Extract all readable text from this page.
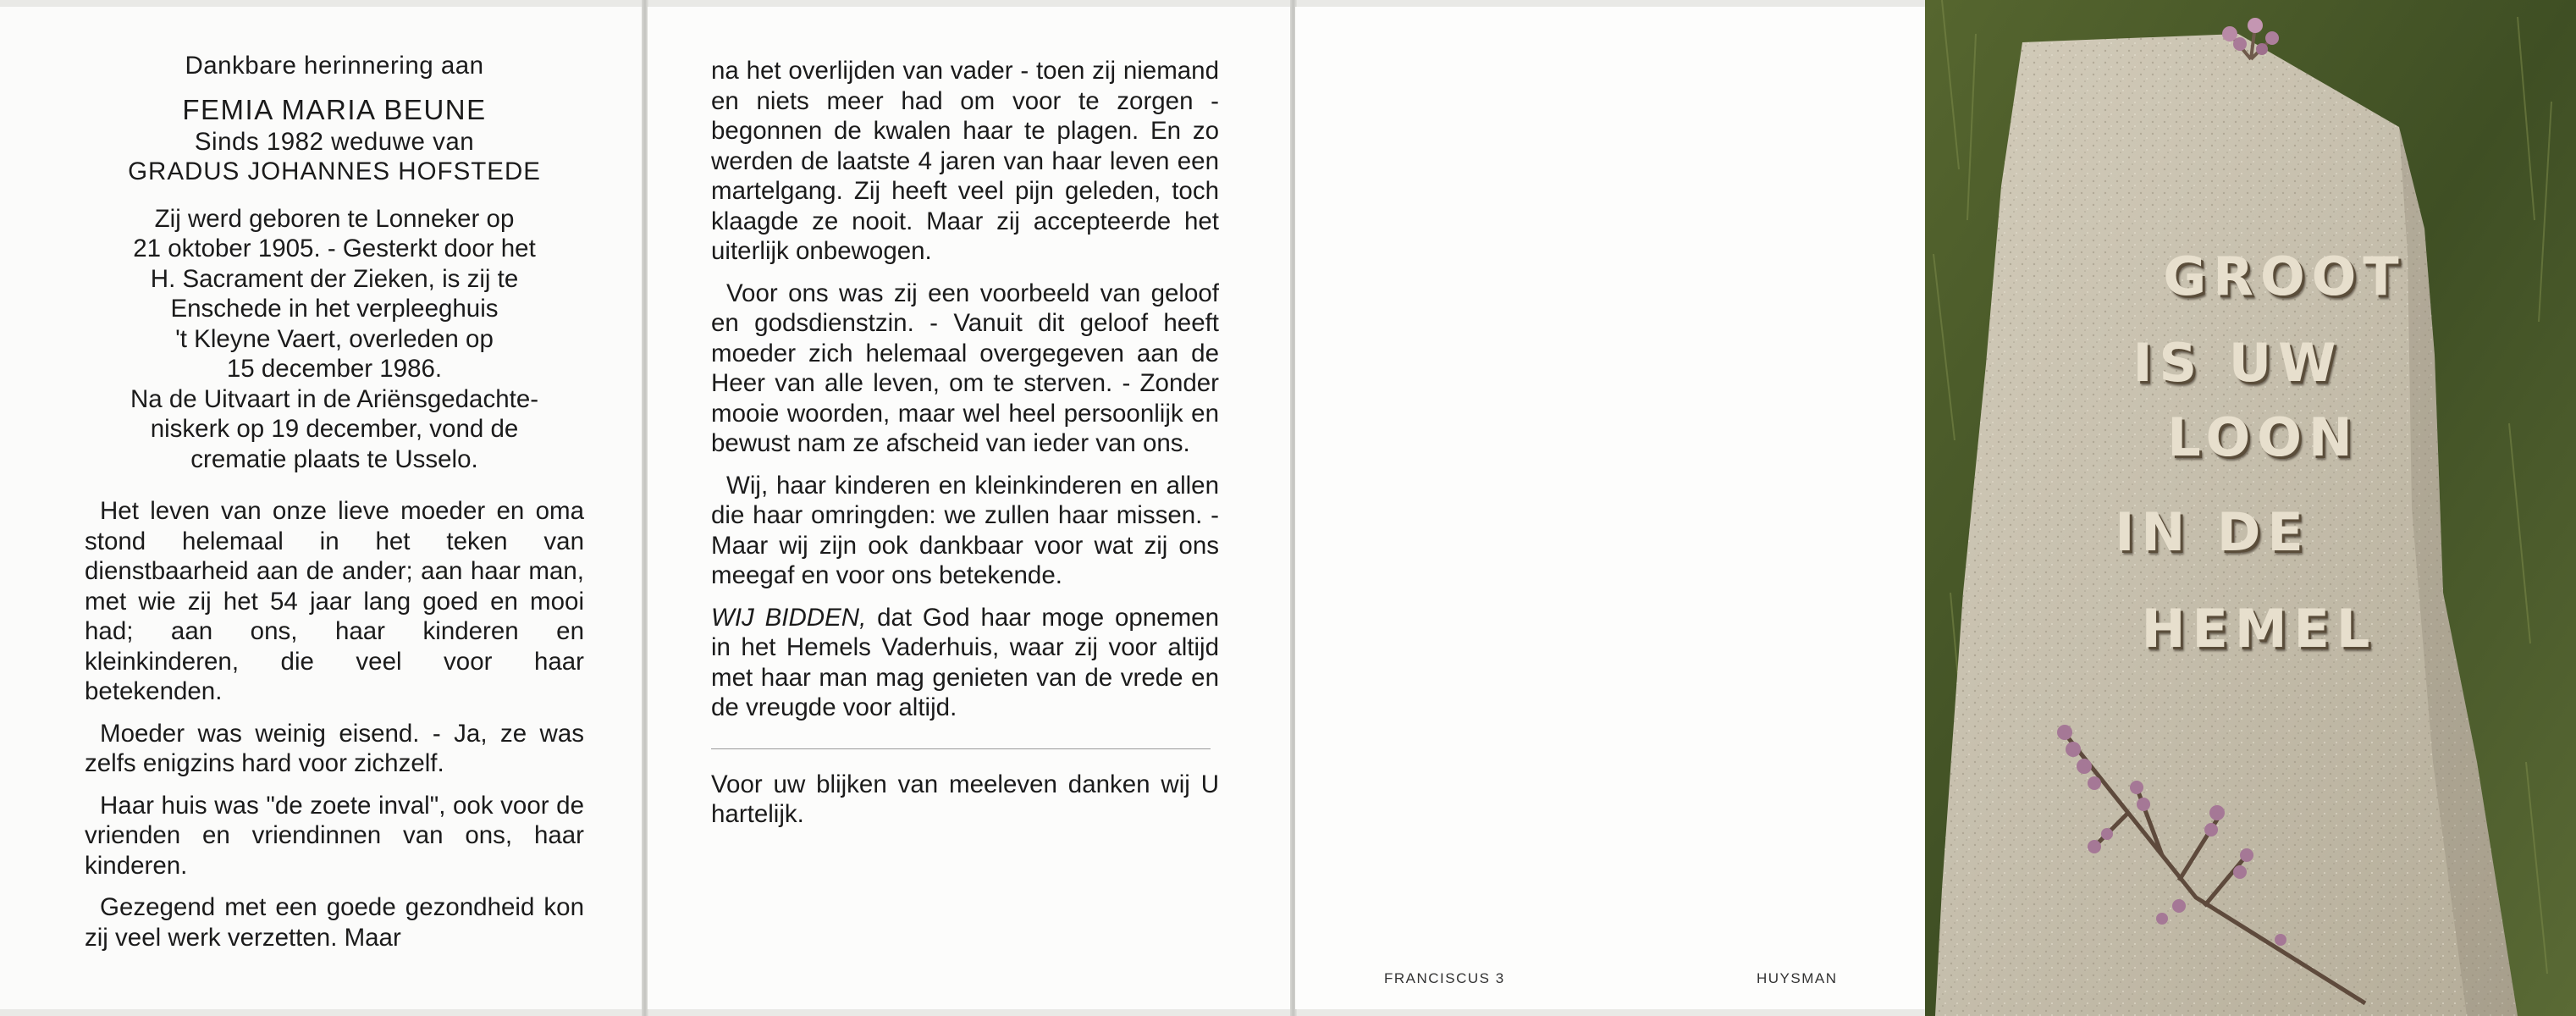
Dankbare herinnering aan
FEMIA MARIA BEUNE
Sinds 1982 weduwe van
GRADUS JOHANNES HOFSTEDE
Zij werd geboren te Lonneker op
21 oktober 1905. - Gesterkt door het
H. Sacrament der Zieken, is zij te
Enschede in het verpleeghuis
't Kleyne Vaert, overleden op
15 december 1986.
Na de Uitvaart in de Ariënsgedachte-
niskerk op 19 december, vond de
crematie plaats te Usselo.
Het leven van onze lieve moeder en oma stond helemaal in het teken van dienstbaarheid aan de ander; aan haar man, met wie zij het 54 jaar lang goed en mooi had; aan ons, haar kinderen en kleinkinderen, die veel voor haar betekenden.
Moeder was weinig eisend. - Ja, ze was zelfs enigzins hard voor zichzelf.
Haar huis was "de zoete inval", ook voor de vrienden en vriendinnen van ons, haar kinderen.
Gezegend met een goede gezondheid kon zij veel werk verzetten. Maar
na het overlijden van vader - toen zij niemand en niets meer had om voor te zorgen - begonnen de kwalen haar te plagen. En zo werden de laatste 4 jaren van haar leven een martelgang. Zij heeft veel pijn geleden, toch klaagde ze nooit. Maar zij accepteerde het uiterlijk onbewogen.
Voor ons was zij een voorbeeld van geloof en godsdienstzin. - Vanuit dit geloof heeft moeder zich helemaal overgegeven aan de Heer van alle leven, om te sterven. - Zonder mooie woorden, maar wel heel persoonlijk en bewust nam ze afscheid van ieder van ons.
Wij, haar kinderen en kleinkinderen en allen die haar omringden: we zullen haar missen. - Maar wij zijn ook dankbaar voor wat zij ons meegaf en voor ons betekende.
WIJ BIDDEN, dat God haar moge opnemen in het Hemels Vaderhuis, waar zij voor altijd met haar man mag genieten van de vrede en de vreugde voor altijd.
Voor uw blijken van meeleven danken wij U hartelijk.
FRANCISCUS 3	HUYSMAN
GROOT
IS UW
LOON
IN DE
HEMEL
